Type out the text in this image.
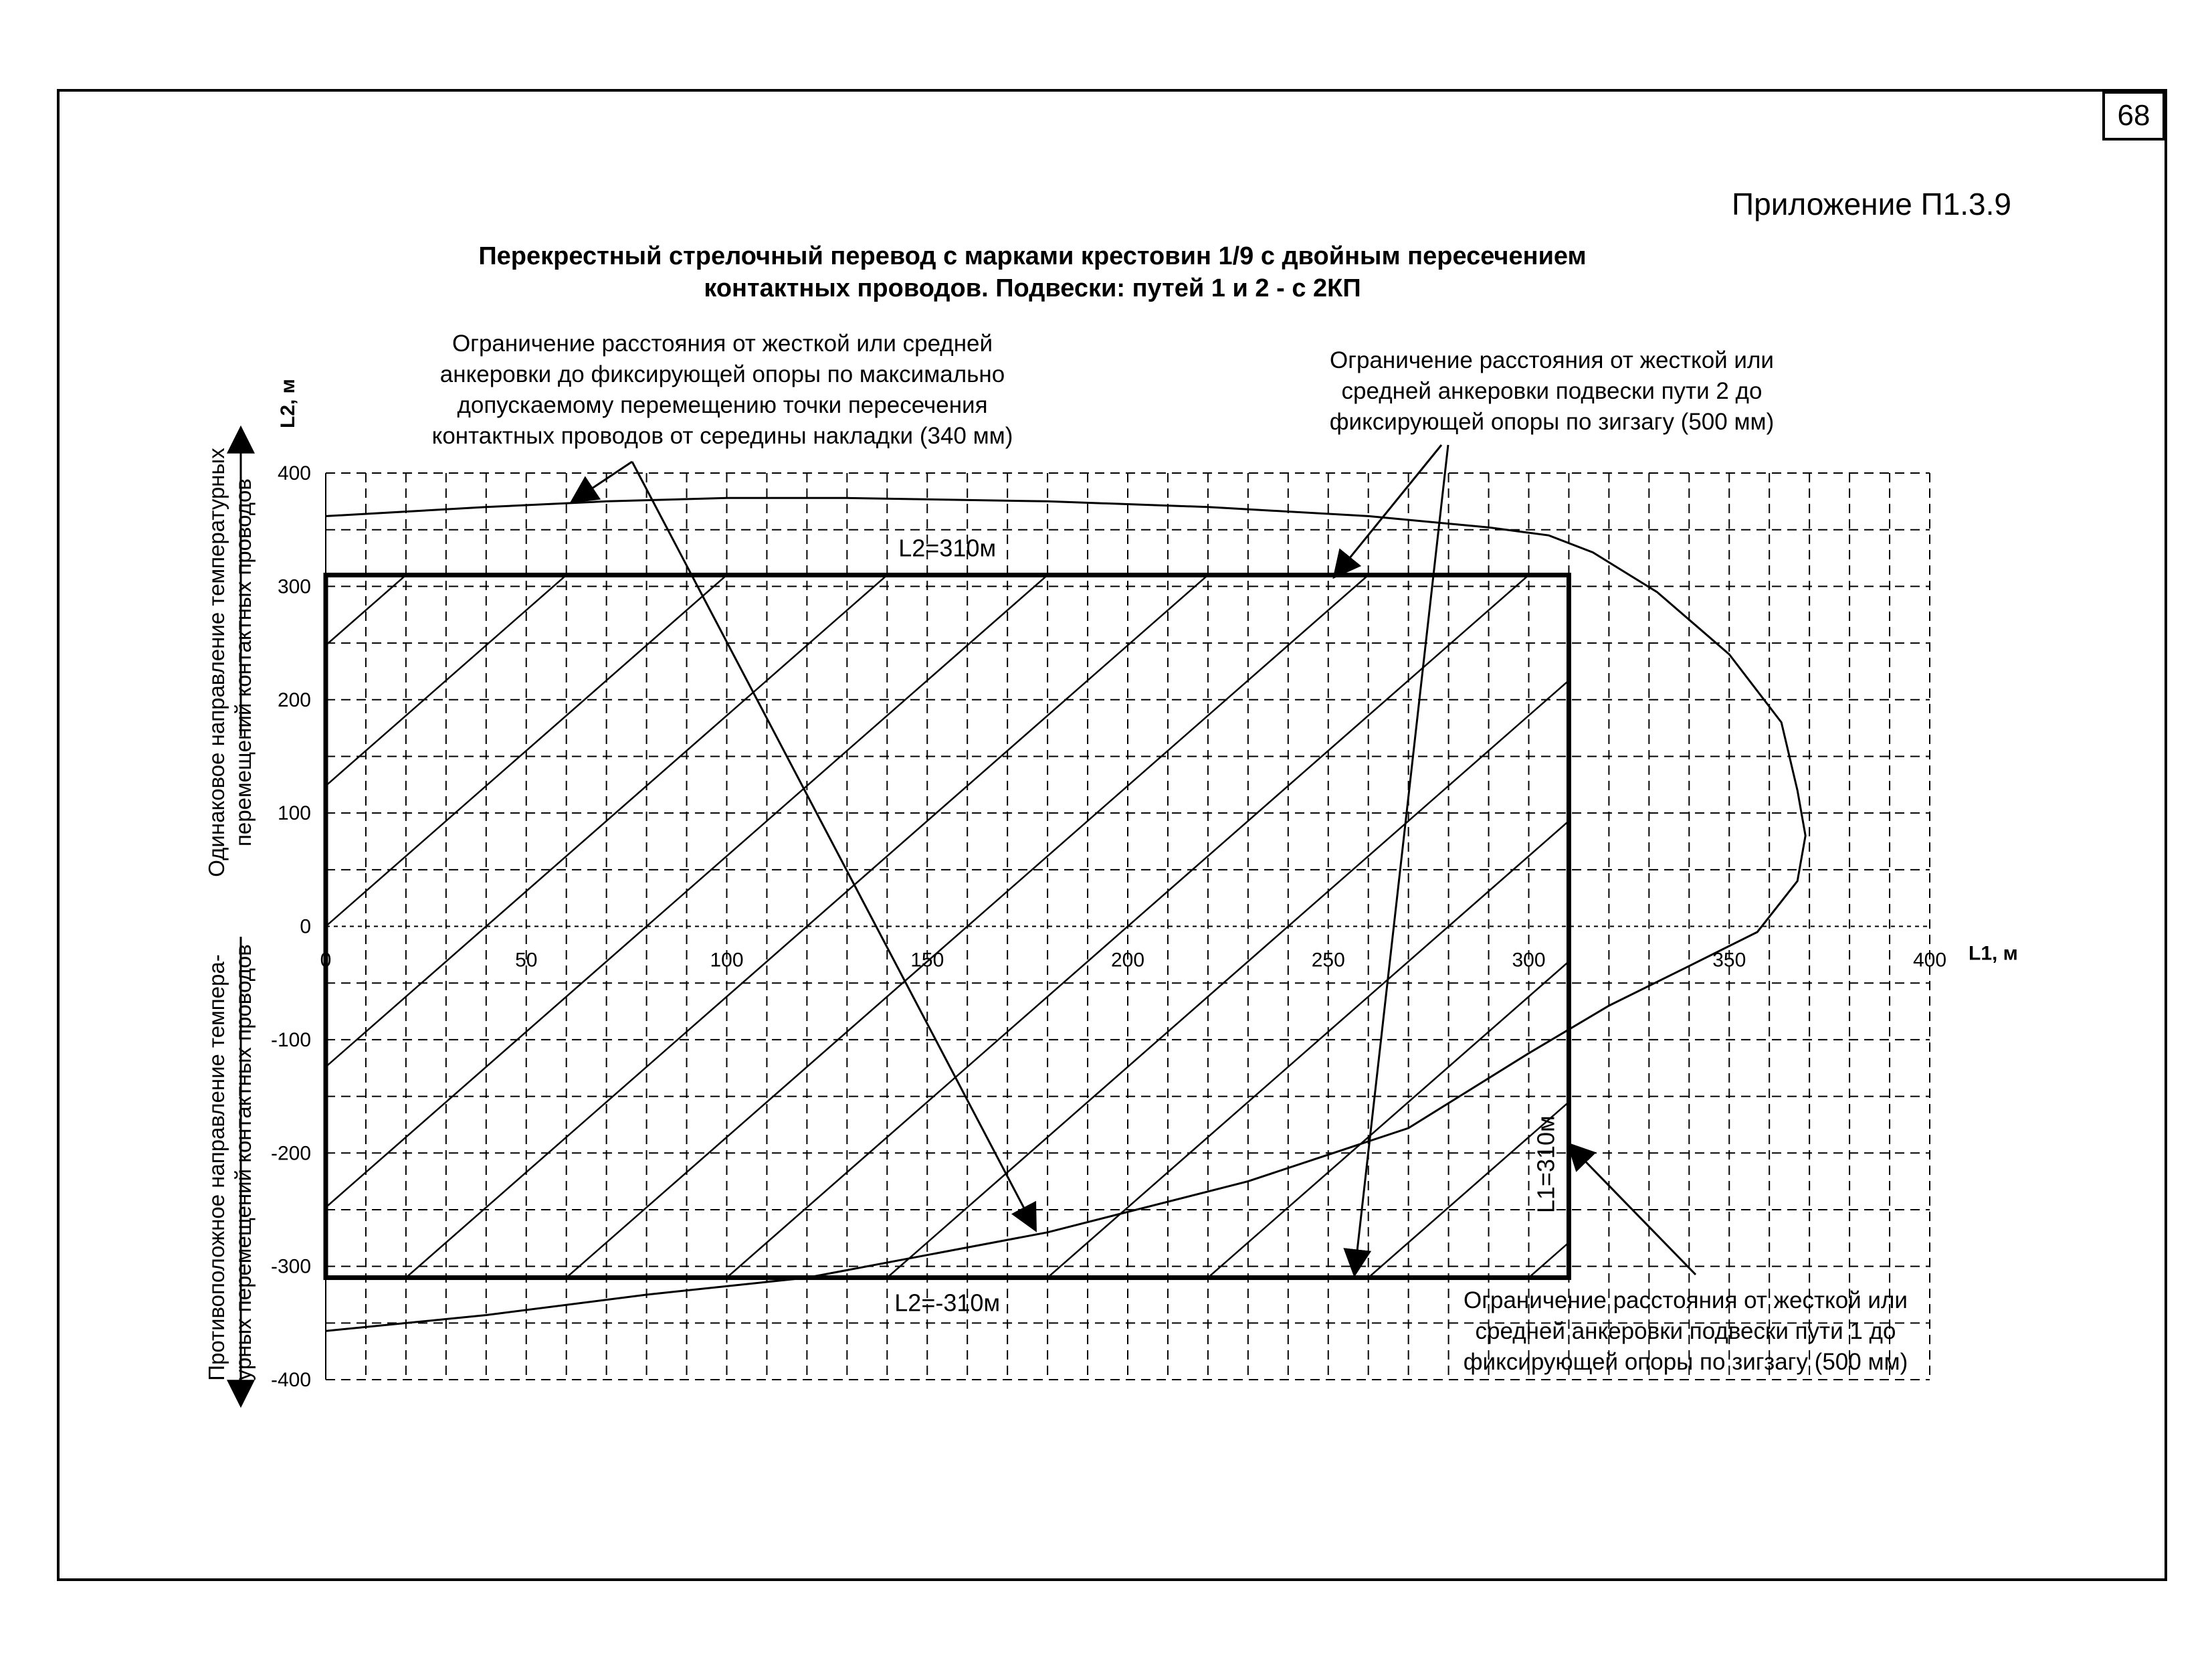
68
Приложение П1.3.9
Перекрестный стрелочный перевод с марками крестовин 1/9 с двойным пересечением
контактных проводов. Подвески: путей 1 и 2 - с 2КП
L2=310м
L2=-310м
L1=310м
0	50	100	150	200	250	300	350	400
400
300
200
100
0
-100
-200
-300
-400
L1, м
L2, м
Одинаковое направление температурных перемещений контактных проводов
Противоположное направление темпера- турных перемещений контактных проводов
Ограничение расстояния от жесткой или средней
анкеровки до фиксирующей опоры по максимально
допускаемому перемещению точки пересечения
контактных проводов от середины накладки (340 мм)
Ограничение расстояния от жесткой или
средней анкеровки подвески пути 2 до
фиксирующей опоры по зигзагу (500 мм)
Ограничение расстояния от жесткой или
средней анкеровки подвески пути 1 до
фиксирующей опоры по зигзагу (500 мм)
